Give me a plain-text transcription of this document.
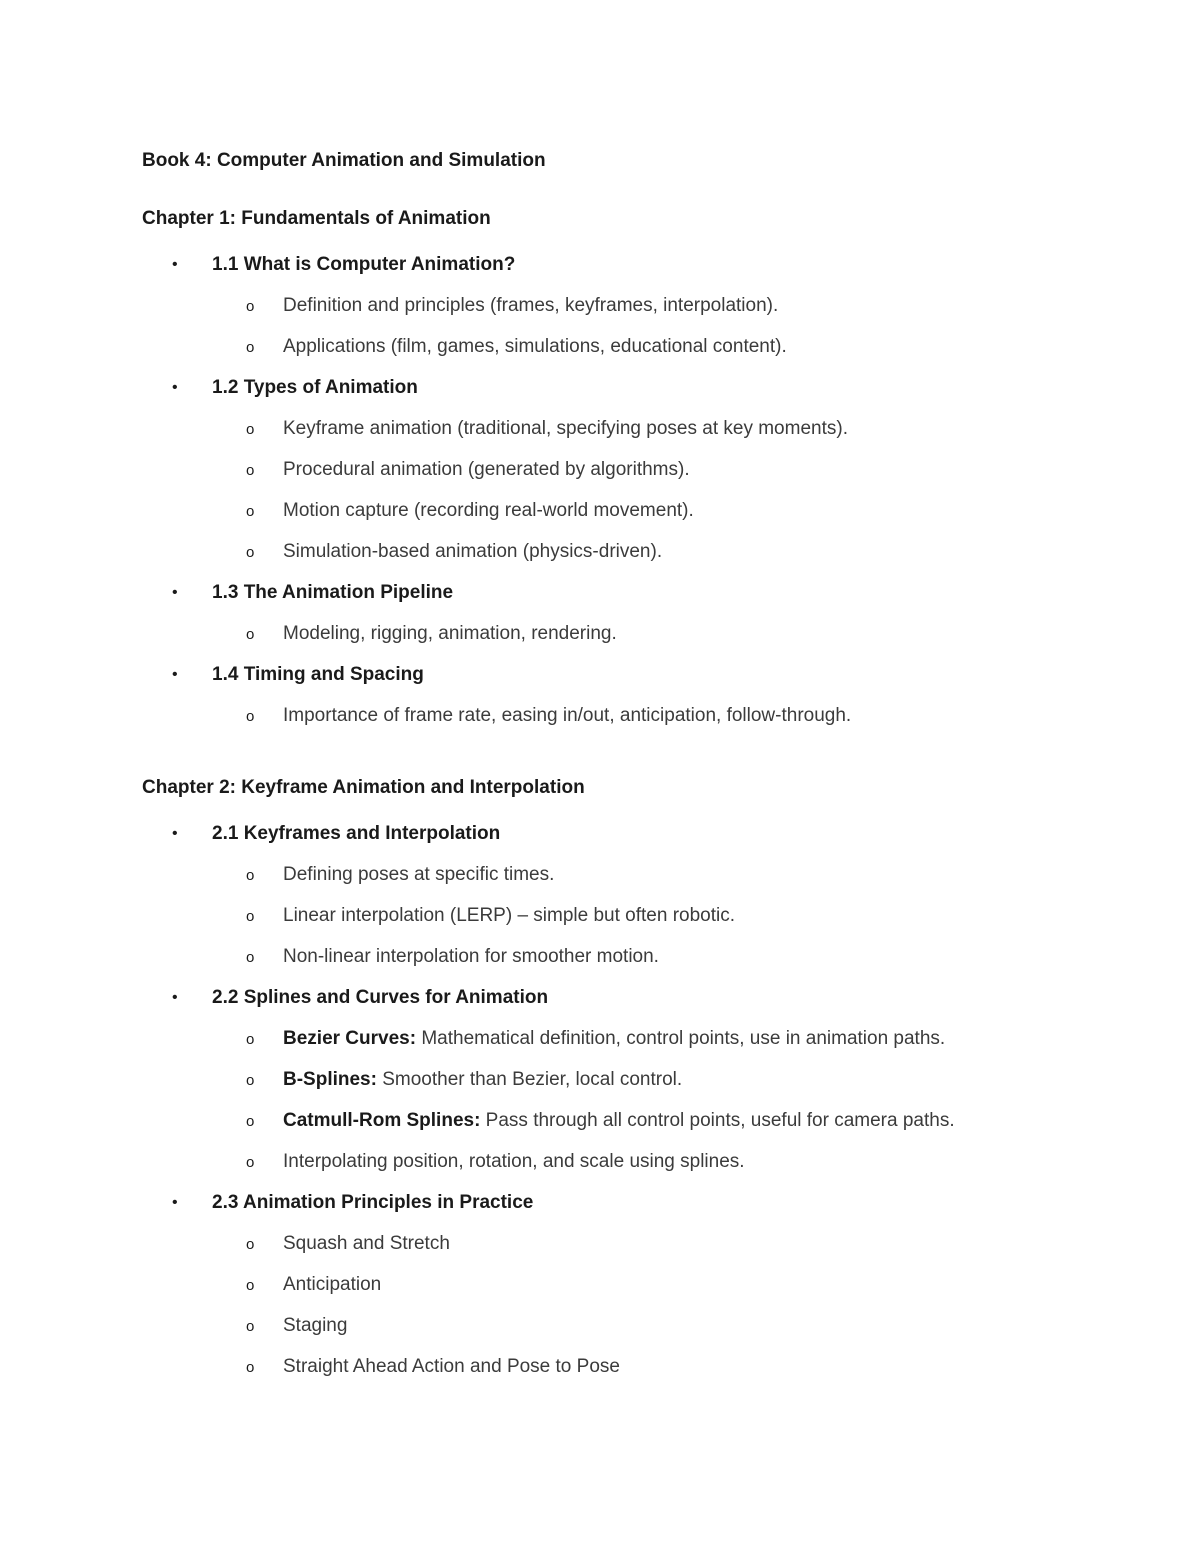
Book 4: Computer Animation and Simulation
Chapter 1: Fundamentals of Animation
• 1.1 What is Computer Animation?
o Definition and principles (frames, keyframes, interpolation).
o Applications (film, games, simulations, educational content).
• 1.2 Types of Animation
o Keyframe animation (traditional, specifying poses at key moments).
o Procedural animation (generated by algorithms).
o Motion capture (recording real-world movement).
o Simulation-based animation (physics-driven).
• 1.3 The Animation Pipeline
o Modeling, rigging, animation, rendering.
• 1.4 Timing and Spacing
o Importance of frame rate, easing in/out, anticipation, follow-through.
Chapter 2: Keyframe Animation and Interpolation
• 2.1 Keyframes and Interpolation
o Defining poses at specific times.
o Linear interpolation (LERP) – simple but often robotic.
o Non-linear interpolation for smoother motion.
• 2.2 Splines and Curves for Animation
o Bezier Curves: Mathematical definition, control points, use in animation paths.
o B-Splines: Smoother than Bezier, local control.
o Catmull-Rom Splines: Pass through all control points, useful for camera paths.
o Interpolating position, rotation, and scale using splines.
• 2.3 Animation Principles in Practice
o Squash and Stretch
o Anticipation
o Staging
o Straight Ahead Action and Pose to Pose
